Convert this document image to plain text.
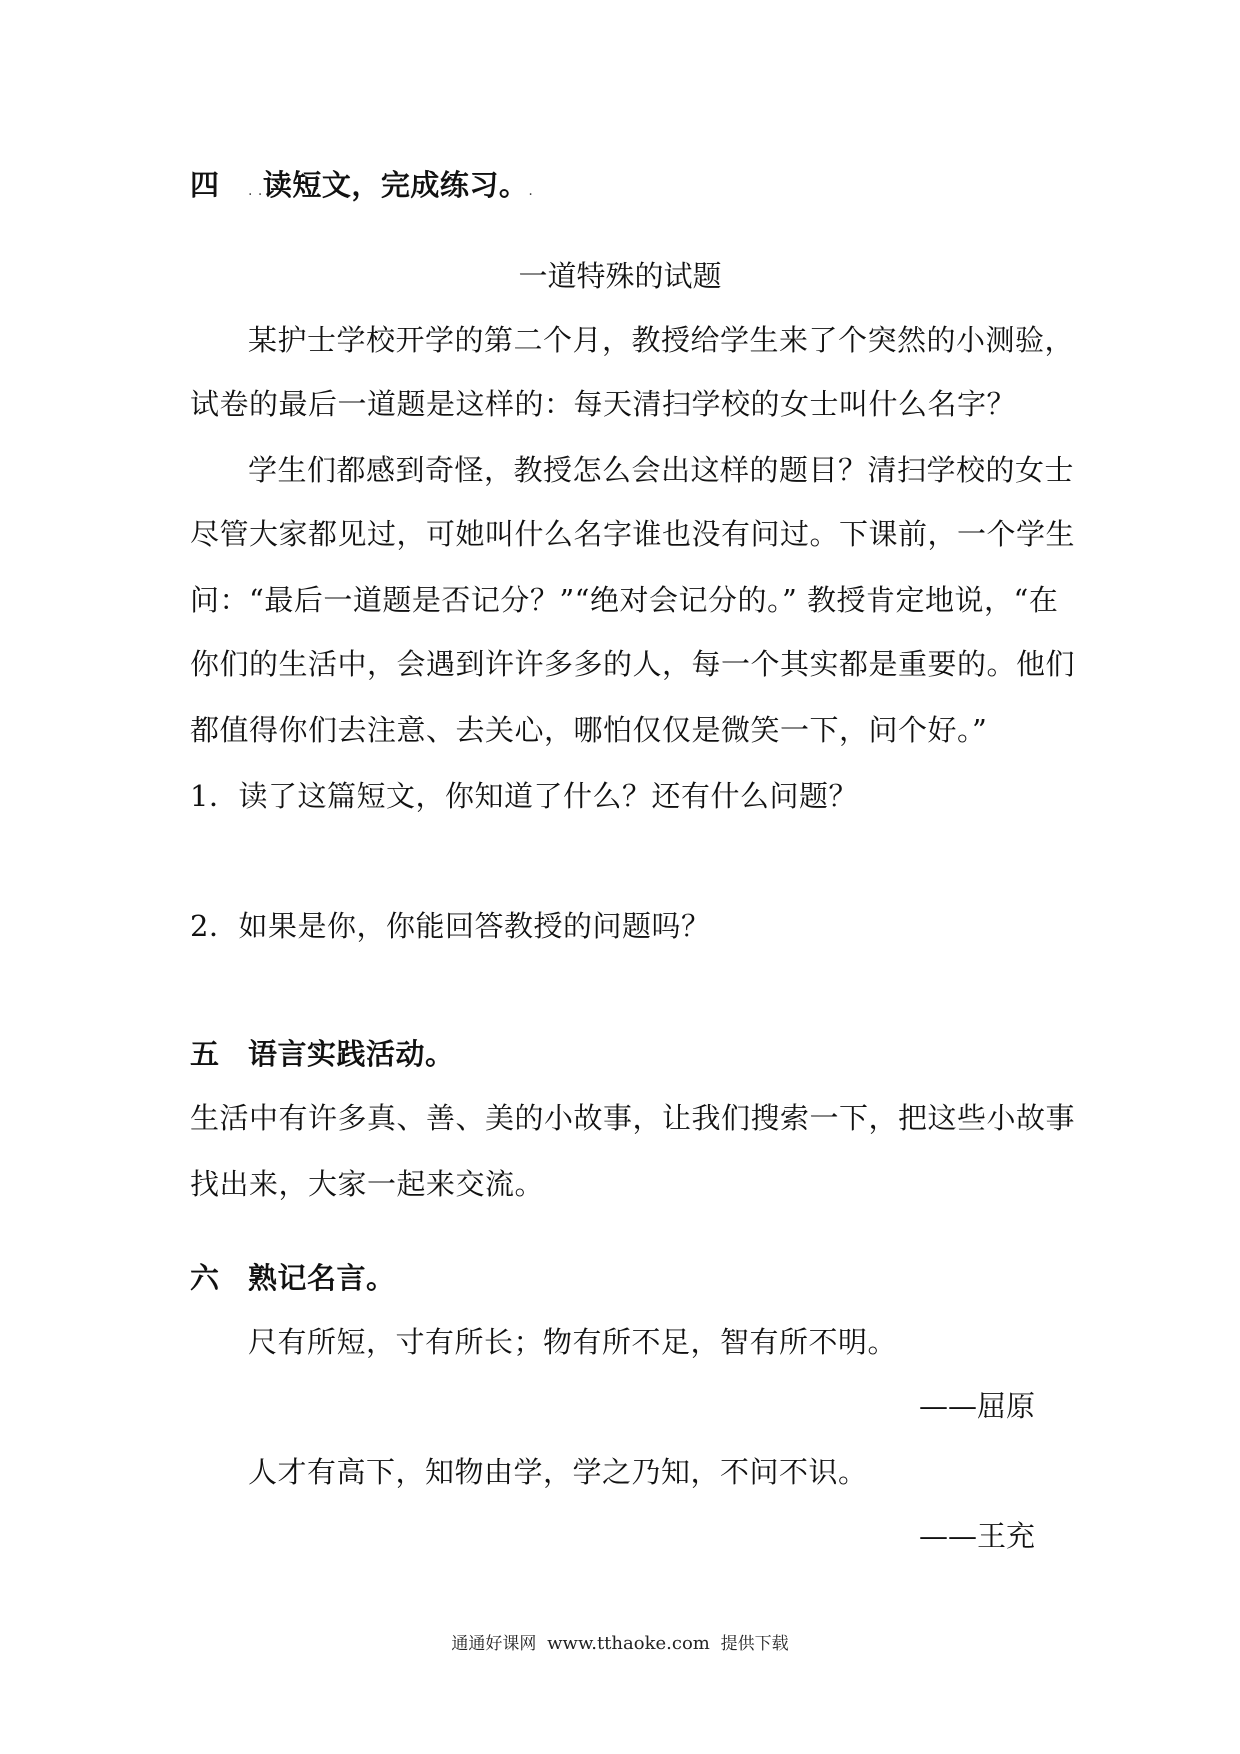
四 . .读短文，完成练习。.
一道特殊的试题
某护士学校开学的第二个月，教授给学生来了个突然的小测验，
试卷的最后一道题是这样的：每天清扫学校的女士叫什么名字？
学生们都感到奇怪，教授怎么会出这样的题目？清扫学校的女士
尽管大家都见过，可她叫什么名字谁也没有问过。下课前，一个学生
问：“最后一道题是否记分？”“绝对会记分的。” 教授肯定地说，“在
你们的生活中，会遇到许许多多的人，每一个其实都是重要的。他们
都值得你们去注意、去关心，哪怕仅仅是微笑一下，问个好。”
1．读了这篇短文，你知道了什么？还有什么问题？
2．如果是你，你能回答教授的问题吗？
五 语言实践活动。
生活中有许多真、善、美的小故事，让我们搜索一下，把这些小故事
找出来，大家一起来交流。
六 熟记名言。
尺有所短，寸有所长；物有所不足，智有所不明。
——屈原
人才有高下，知物由学，学之乃知，不问不识。
——王充
通通好课网 www.tthaoke.com 提供下载
